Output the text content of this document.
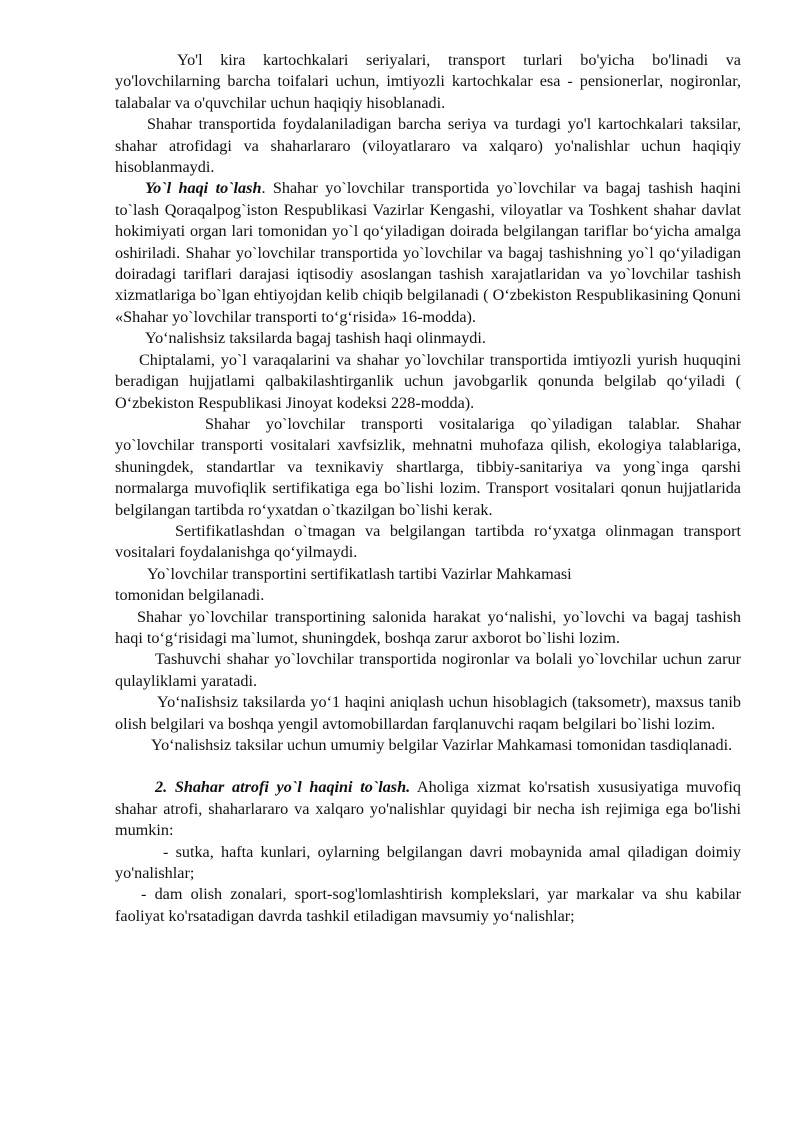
Yo'l kira kartochkalari seriyalari, transport turlari bo'yicha bo'linadi va yo'lovchilarning barcha toifalari uchun, imtiyozli kartochkalar esa - pensionerlar, nogironlar, talabalar va o'quvchilar uchun haqiqiy hisoblanadi.

Shahar transportida foydalaniladigan barcha seriya va turdagi yo'l kartochkalari taksilar, shahar atrofidagi va shaharlararo (viloyatlararo va xalqaro) yo'nalishlar uchun haqiqiy hisoblanmaydi.

Yo`l haqi to`lash. Shahar yo`lovchilar transportida yo`lovchilar va bagaj tashish haqini to`lash Qoraqalpog`iston Respublikasi Vazirlar Kengashi, viloyatlar va Toshkent shahar davlat hokimiyati organ lari tomonidan yo`l qo‘yiladigan doirada belgilangan tariflar bo‘yicha amalga oshiriladi. Shahar yo`lovchilar transportida yo`lovchilar va bagaj tashishning yo`l qo‘yiladigan doiradagi tariflari darajasi iqtisodiy asoslangan tashish xarajatlaridan va yo`lovchilar tashish xizmatlariga bo`lgan ehtiyojdan kelib chiqib belgilanadi ( O‘zbekiston Respublikasining Qonuni «Shahar yo`lovchilar transporti to‘g‘risida» 16-modda).

Yo‘nalishsiz taksilarda bagaj tashish haqi olinmaydi.

Chiptalami, yo`l varaqalarini va shahar yo`lovchilar transportida imtiyozli yurish huquqini beradigan hujjatlami qalbakilashtirganlik uchun javobgarlik qonunda belgilab qo‘yiladi ( O‘zbekiston Respublikasi Jinoyat kodeksi 228-modda).

Shahar yo`lovchilar transporti vositalariga qo`yiladigan talablar. Shahar yo`lovchilar transporti vositalari xavfsizlik, mehnatni muhofaza qilish, ekologiya talablariga, shuningdek, standartlar va texnikaviy shartlarga, tibbiy-sanitariya va yong`inga qarshi normalarga muvofiqlik sertifikatiga ega bo`lishi lozim. Transport vositalari qonun hujjatlarida belgilangan tartibda ro‘yxatdan o`tkazilgan bo`lishi kerak.

Sertifikatlashdan o`tmagan va belgilangan tartibda ro‘yxatga olinmagan transport vositalari foydalanishga qo‘yilmaydi.

Yo`lovchilar transportini sertifikatlash tartibi Vazirlar Mahkamasi
tomonidan belgilanadi.

Shahar yo`lovchilar transportining salonida harakat yo‘nalishi, yo`lovchi va bagaj tashish haqi to‘g‘risidagi ma`lumot, shuningdek, boshqa zarur axborot bo`lishi lozim.

Tashuvchi shahar yo`lovchilar transportida nogironlar va bolali yo`lovchilar uchun zarur qulayliklami yaratadi.

Yo‘naIishsiz taksilarda yo‘1 haqini aniqlash uchun hisoblagich (taksometr), maxsus tanib olish belgilari va boshqa yengil avtomobillardan farqlanuvchi raqam belgilari bo`lishi lozim.

Yo‘nalishsiz taksilar uchun umumiy belgilar Vazirlar Mahkamasi tomonidan tasdiqlanadi.

2. Shahar atrofi yo`l haqini to`lash. Aholiga xizmat ko'rsatish xususiyatiga muvofiq shahar atrofi, shaharlararo va xalqaro yo'nalishlar quyidagi bir necha ish rejimiga ega bo'lishi mumkin:

- sutka, hafta kunlari, oylarning belgilangan davri mobaynida amal qiladigan doimiy yo'nalishlar;

- dam olish zonalari, sport-sog'lomlashtirish komplekslari, yar markalar va shu kabilar faoliyat ko'rsatadigan davrda tashkil etiladigan mavsumiy yo‘nalishlar;
